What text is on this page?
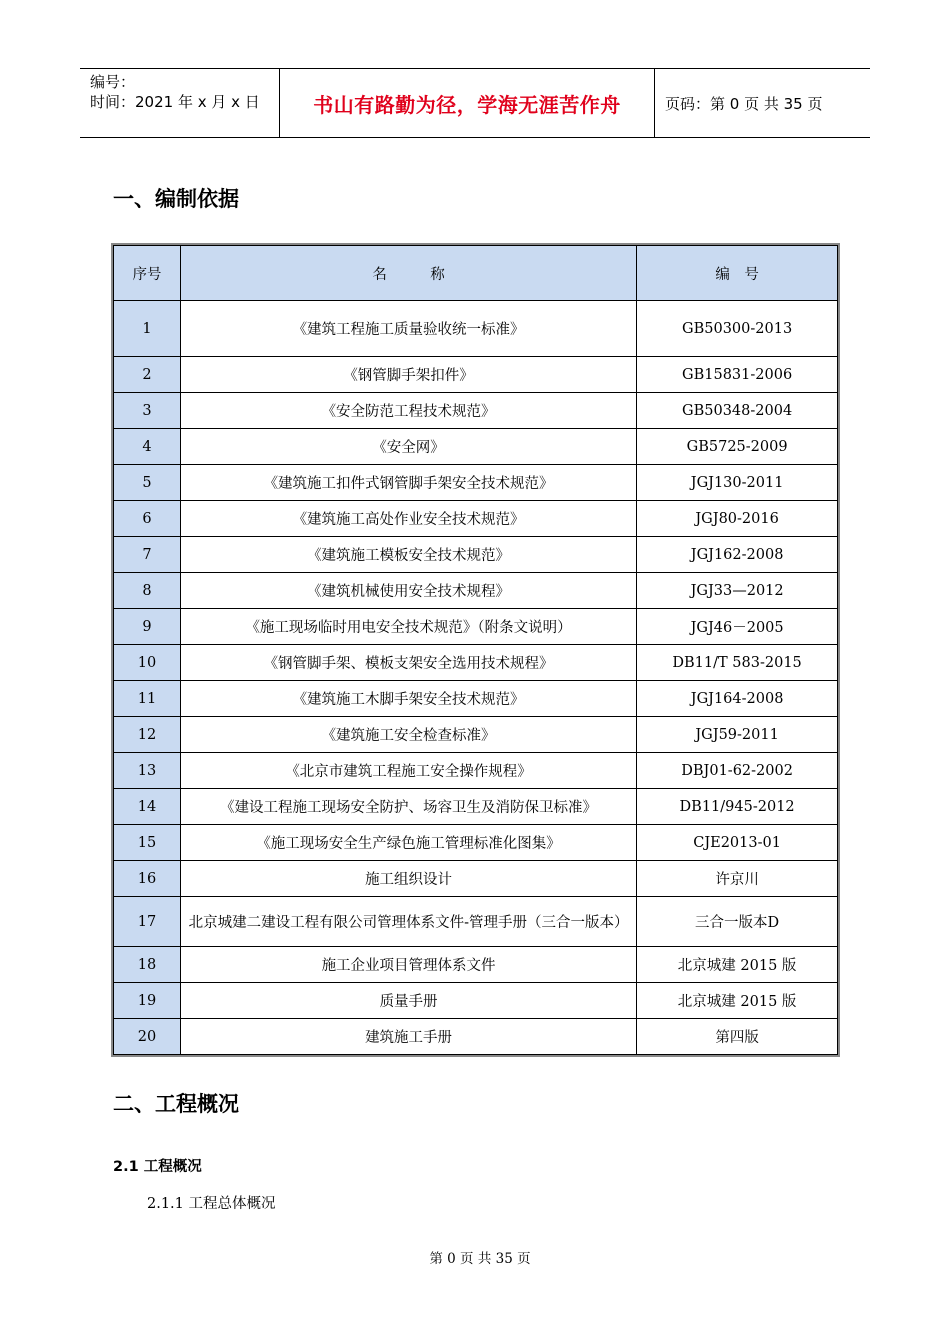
编号：
时间：2021 年 x 月 x 日	书山有路勤为径，学海无涯苦作舟	页码：第 0 页 共 35 页
一、编制依据
序号	名　　　称	编　号
1	《建筑工程施工质量验收统一标准》	GB50300-2013
2	《钢管脚手架扣件》	GB15831-2006
3	《安全防范工程技术规范》	GB50348-2004
4	《安全网》	GB5725-2009
5	《建筑施工扣件式钢管脚手架安全技术规范》	JGJ130-2011
6	《建筑施工高处作业安全技术规范》	JGJ80-2016
7	《建筑施工模板安全技术规范》	JGJ162-2008
8	《建筑机械使用安全技术规程》	JGJ33—2012
9	《施工现场临时用电安全技术规范》（附条文说明）	JGJ46－2005
10	《钢管脚手架、模板支架安全选用技术规程》	DB11/T 583-2015
11	《建筑施工木脚手架安全技术规范》	JGJ164-2008
12	《建筑施工安全检查标准》	JGJ59-2011
13	《北京市建筑工程施工安全操作规程》	DBJ01-62-2002
14	《建设工程施工现场安全防护、场容卫生及消防保卫标准》	DB11/945-2012
15	《施工现场安全生产绿色施工管理标准化图集》	CJE2013-01
16	施工组织设计	许京川
17	北京城建二建设工程有限公司管理体系文件-管理手册（三合一版本）	三合一版本D
18	施工企业项目管理体系文件	北京城建 2015 版
19	质量手册	北京城建 2015 版
20	建筑施工手册	第四版
二、工程概况
2.1 工程概况
2.1.1 工程总体概况
第 0 页 共 35 页
